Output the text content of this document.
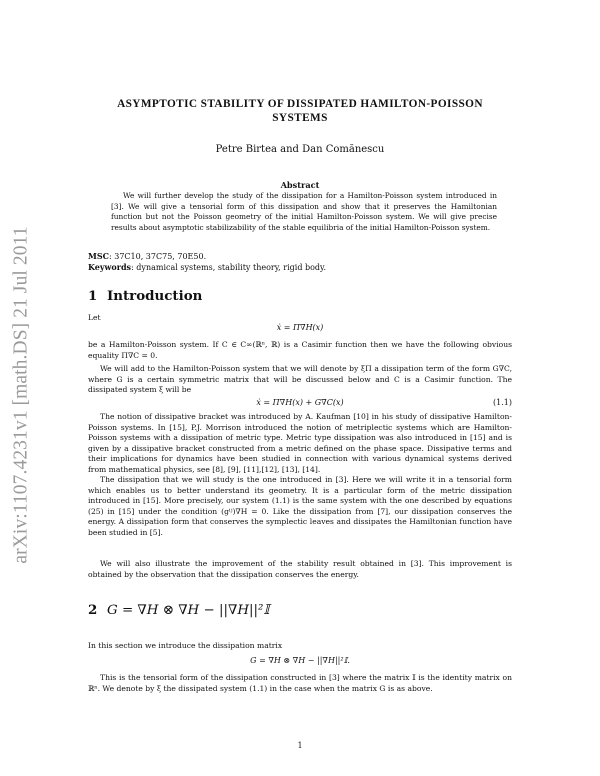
arXiv:1107.4231v1 [math.DS] 21 Jul 2011
ASYMPTOTIC STABILITY OF DISSIPATED HAMILTON-POISSON
SYSTEMS
Petre Birtea and Dan Comănescu
Abstract
We will further develop the study of the dissipation for a Hamilton-Poisson system introduced in [3]. We will give a tensorial form of this dissipation and show that it preserves the Hamiltonian function but not the Poisson geometry of the initial Hamilton-Poisson system. We will give precise results about asymptotic stabilizability of the stable equilibria of the initial Hamilton-Poisson system.
MSC: 37C10, 37C75, 70E50.
Keywords: dynamical systems, stability theory, rigid body.
1 Introduction
Let
ẋ = Π∇H(x)
be a Hamilton-Poisson system. If C ∈ C∞(ℝⁿ, ℝ) is a Casimir function then we have the following obvious equality Π∇C = 0.
We will add to the Hamilton-Poisson system that we will denote by ξΠ a dissipation term of the form G∇C, where G is a certain symmetric matrix that will be discussed below and C is a Casimir function. The dissipated system ξ will be
ẋ = Π∇H(x) + G∇C(x)	(1.1)
The notion of dissipative bracket was introduced by A. Kaufman [10] in his study of dissipative Hamilton-Poisson systems. In [15], P.J. Morrison introduced the notion of metriplectic systems which are Hamilton-Poisson systems with a dissipation of metric type. Metric type dissipation was also introduced in [15] and is given by a dissipative bracket constructed from a metric defined on the phase space. Dissipative terms and their implications for dynamics have been studied in connection with various dynamical systems derived from mathematical physics, see [8], [9], [11],[12], [13], [14].
The dissipation that we will study is the one introduced in [3]. Here we will write it in a tensorial form which enables us to better understand its geometry. It is a particular form of the metric dissipation introduced in [15]. More precisely, our system (1.1) is the same system with the one described by equations (25) in [15] under the condition (gⁱʲ)∇H = 0. Like the dissipation from [7], our dissipation conserves the energy. A dissipation form that conserves the symplectic leaves and dissipates the Hamiltonian function have been studied in [5].
We will also illustrate the improvement of the stability result obtained in [3]. This improvement is obtained by the observation that the dissipation conserves the energy.
2 G = ∇H ⊗ ∇H − ||∇H||²𝕀
In this section we introduce the dissipation matrix
G = ∇H ⊗ ∇H − ||∇H||²𝕀.
This is the tensorial form of the dissipation constructed in [3] where the matrix 𝕀 is the identity matrix on ℝⁿ. We denote by ξ the dissipated system (1.1) in the case when the matrix G is as above.
1
